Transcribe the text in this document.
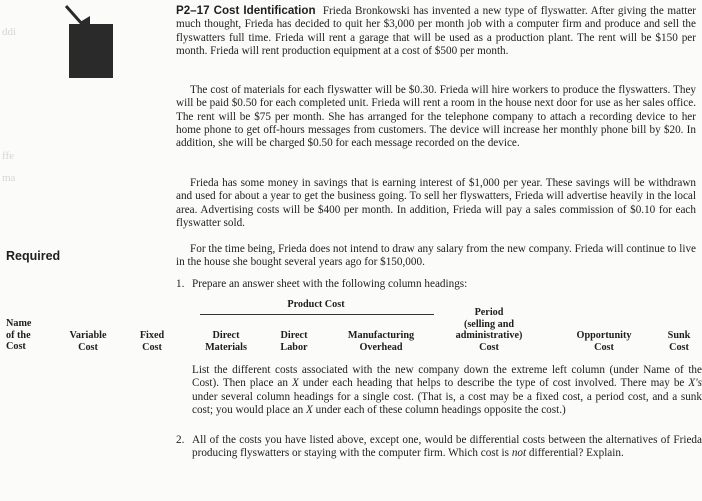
ddi
ffe
ma

P2–17 Cost Identification Frieda Bronkowski has invented a new type of flyswatter. After giving the matter much thought, Frieda has decided to quit her $3,000 per month job with a computer firm and produce and sell the flyswatters full time. Frieda will rent a garage that will be used as a production plant. The rent will be $150 per month. Frieda will rent production equipment at a cost of $500 per month.

The cost of materials for each flyswatter will be $0.30. Frieda will hire workers to produce the flyswatters. They will be paid $0.50 for each completed unit. Frieda will rent a room in the house next door for use as her sales office. The rent will be $75 per month. She has arranged for the telephone company to attach a recording device to her home phone to get off-hours messages from customers. The device will increase her monthly phone bill by $20. In addition, she will be charged $0.50 for each message recorded on the device.

Frieda has some money in savings that is earning interest of $1,000 per year. These savings will be withdrawn and used for about a year to get the business going. To sell her flyswatters, Frieda will advertise heavily in the local area. Advertising costs will be $400 per month. In addition, Frieda will pay a sales commission of $0.10 for each flyswatter sold.

For the time being, Frieda does not intend to draw any salary from the new company. Frieda will continue to live in the house she bought several years ago for $150,000.

Required
1. Prepare an answer sheet with the following column headings:
Product Cost
Name
of the
Cost
Variable
Cost
Fixed
Cost
Direct
Materials
Direct
Labor
Manufacturing
Overhead
Period
(selling and
administrative)
Cost
Opportunity
Cost
Sunk
Cost
List the different costs associated with the new company down the extreme left column (under Name of the Cost). Then place an X under each heading that helps to describe the type of cost involved. There may be X's under several column headings for a single cost. (That is, a cost may be a fixed cost, a period cost, and a sunk cost; you would place an X under each of these column headings opposite the cost.)
2. All of the costs you have listed above, except one, would be differential costs between the alternatives of Frieda producing flyswatters or staying with the computer firm. Which cost is not differential? Explain.
